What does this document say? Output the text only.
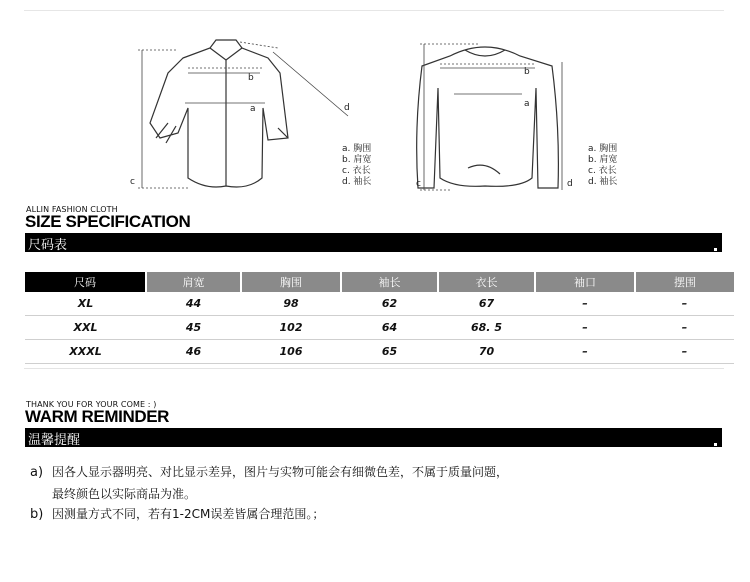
b
a
c
d
a. 胸围
b. 肩宽
c. 衣长
d. 袖长
b
a
c	d
a. 胸围
b. 肩宽
c. 衣长
d. 袖长
ALLIN FASHION CLOTH
SIZE SPECIFICATION
尺码表
尺码	肩宽	胸围	袖长	衣长	袖口	摆围
XL	44	98	62	67	–	–
XXL	45	102	64	68. 5	–	–
XXXL	46	106	65	70	–	–
THANK YOU FOR YOUR COME : )
WARM REMINDER
温馨提醒
a) 因各人显示器明亮、对比显示差异，图片与实物可能会有细微色差，不属于质量问题，
最终颜色以实际商品为准。
b) 因测量方式不同，若有1-2CM误差皆属合理范围。；
